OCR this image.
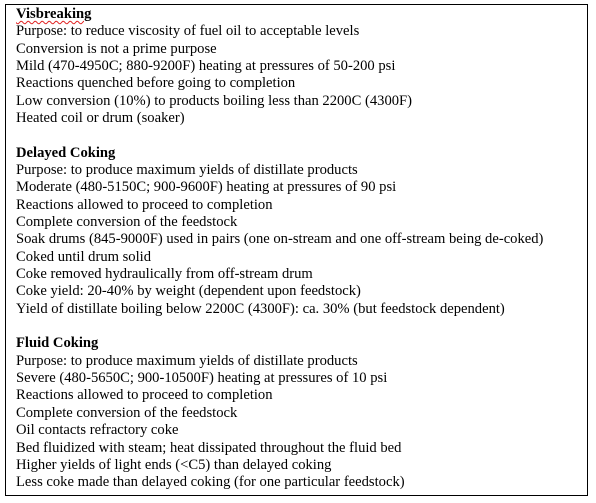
Visbreaking
Purpose: to reduce viscosity of fuel oil to acceptable levels
Conversion is not a prime purpose
Mild (470-4950C; 880-9200F) heating at pressures of 50-200 psi
Reactions quenched before going to completion
Low conversion (10%) to products boiling less than 2200C (4300F)
Heated coil or drum (soaker)
Delayed Coking
Purpose: to produce maximum yields of distillate products
Moderate (480-5150C; 900-9600F) heating at pressures of 90 psi
Reactions allowed to proceed to completion
Complete conversion of the feedstock
Soak drums (845-9000F) used in pairs (one on-stream and one off-stream being de-coked)
Coked until drum solid
Coke removed hydraulically from off-stream drum
Coke yield: 20-40% by weight (dependent upon feedstock)
Yield of distillate boiling below 2200C (4300F): ca. 30% (but feedstock dependent)
Fluid Coking
Purpose: to produce maximum yields of distillate products
Severe (480-5650C; 900-10500F) heating at pressures of 10 psi
Reactions allowed to proceed to completion
Complete conversion of the feedstock
Oil contacts refractory coke
Bed fluidized with steam; heat dissipated throughout the fluid bed
Higher yields of light ends (<C5) than delayed coking
Less coke made than delayed coking (for one particular feedstock)
